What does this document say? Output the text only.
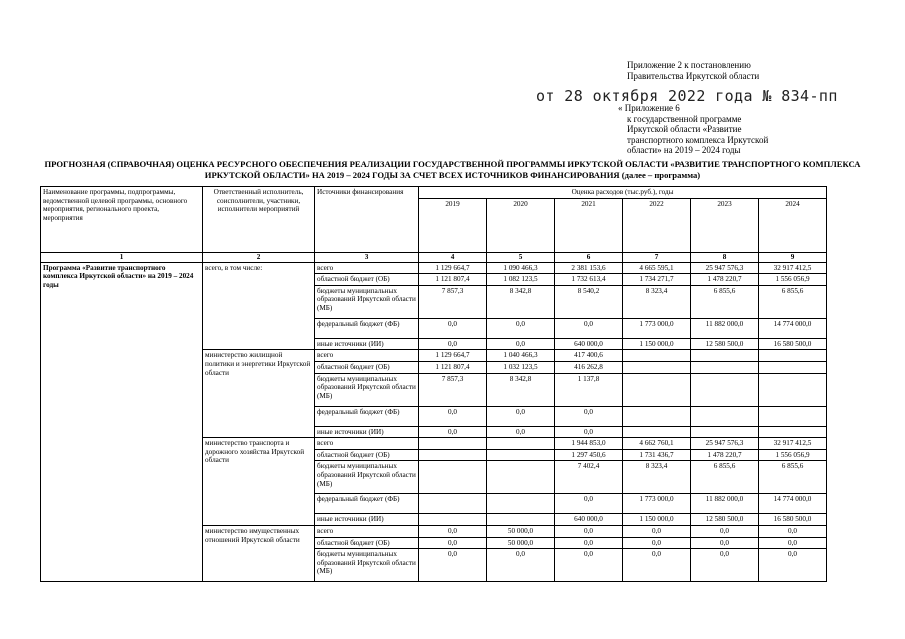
Приложение 2 к постановлению
Правительства Иркутской области
от 28 октября 2022 года № 834-пп
« Приложение 6
к государственной программе
Иркутской области «Развитие
транспортного комплекса Иркутской
области» на 2019 – 2024 годы
ПРОГНОЗНАЯ (СПРАВОЧНАЯ) ОЦЕНКА РЕСУРСНОГО ОБЕСПЕЧЕНИЯ РЕАЛИЗАЦИИ ГОСУДАРСТВЕННОЙ ПРОГРАММЫ ИРКУТСКОЙ ОБЛАСТИ «РАЗВИТИЕ ТРАНСПОРТНОГО КОМПЛЕКСА
ИРКУТСКОЙ ОБЛАСТИ» НА 2019 – 2024 ГОДЫ ЗА СЧЕТ ВСЕХ ИСТОЧНИКОВ ФИНАНСИРОВАНИЯ (далее – программа)
Наименование программы, подпрограммы, ведомственной целевой программы, основного мероприятия, регионального проекта, мероприятия	Ответственный исполнитель, соисполнители, участники, исполнители мероприятий	Источники финансирования	Оценка расходов (тыс.руб.), годы					
			2019	2020	2021	2022	2023	2024
1	2	3	4	5	6	7	8	9
Программа «Развитие транспортного комплекса Иркутской области» на 2019 – 2024 годы	всего, в том числе:	всего	1 129 664,7	1 090 466,3	2 381 153,6	4 665 595,1	25 947 576,3	32 917 412,5
		областной бюджет (ОБ)	1 121 807,4	1 082 123,5	1 732 613,4	1 734 271,7	1 478 220,7	1 556 056,9
		бюджеты муниципальных образований Иркутской области (МБ)	7 857,3	8 342,8	8 540,2	8 323,4	6 855,6	6 855,6
		федеральный бюджет (ФБ)	0,0	0,0	0,0	1 773 000,0	11 882 000,0	14 774 000,0
		иные источники (ИИ)	0,0	0,0	640 000,0	1 150 000,0	12 580 500,0	16 580 500,0
	министерство жилищной политики и энергетики Иркутской области	всего	1 129 664,7	1 040 466,3	417 400,6			
		областной бюджет (ОБ)	1 121 807,4	1 032 123,5	416 262,8			
		бюджеты муниципальных образований Иркутской области (МБ)	7 857,3	8 342,8	1 137,8			
		федеральный бюджет (ФБ)	0,0	0,0	0,0			
		иные источники (ИИ)	0,0	0,0	0,0			
	министерство транспорта и дорожного хозяйства Иркутской области	всего			1 944 853,0	4 662 760,1	25 947 576,3	32 917 412,5
		областной бюджет (ОБ)			1 297 450,6	1 731 436,7	1 478 220,7	1 556 056,9
		бюджеты муниципальных образований Иркутской области (МБ)			7 402,4	8 323,4	6 855,6	6 855,6
		федеральный бюджет (ФБ)			0,0	1 773 000,0	11 882 000,0	14 774 000,0
		иные источники (ИИ)			640 000,0	1 150 000,0	12 580 500,0	16 580 500,0
	министерство имущественных отношений Иркутской области	всего	0,0	50 000,0	0,0	0,0	0,0	0,0
		областной бюджет (ОБ)	0,0	50 000,0	0,0	0,0	0,0	0,0
		бюджеты муниципальных образований Иркутской области (МБ)	0,0	0,0	0,0	0,0	0,0	0,0
